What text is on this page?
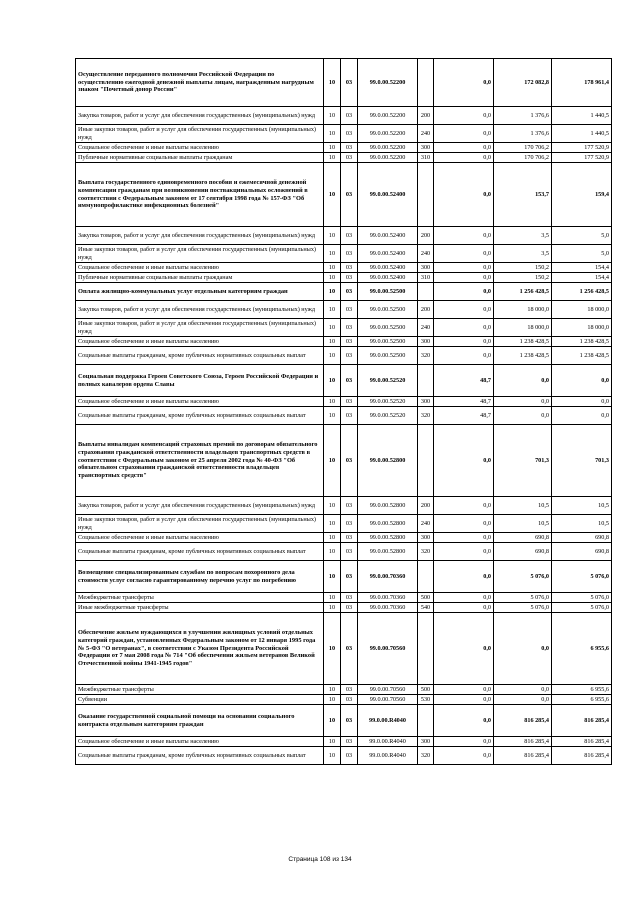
Осуществление переданного полномочия Российской Федерации по осуществлению ежегодной денежной выплаты лицам, награжденным нагрудным знаком "Почетный донор России"	10	03	99.0.00.52200		0,0	172 082,8	178 961,4
Закупка товаров, работ и услуг для обеспечения государственных (муниципальных) нужд	10	03	99.0.00.52200	200	0,0	1 376,6	1 440,5
Иные закупки товаров, работ и услуг для обеспечения государственных (муниципальных) нужд	10	03	99.0.00.52200	240	0,0	1 376,6	1 440,5
Социальное обеспечение и иные выплаты населению	10	03	99.0.00.52200	300	0,0	170 706,2	177 520,9
Публичные нормативные социальные выплаты гражданам	10	03	99.0.00.52200	310	0,0	170 706,2	177 520,9
Выплата государственного единовременного пособия и ежемесячной денежной компенсации гражданам при возникновении поствакцинальных осложнений в соответствии с Федеральным законом от 17 сентября 1998 года № 157-ФЗ "Об иммунопрофилактике инфекционных болезней"	10	03	99.0.00.52400		0,0	153,7	159,4
Закупка товаров, работ и услуг для обеспечения государственных (муниципальных) нужд	10	03	99.0.00.52400	200	0,0	3,5	5,0
Иные закупки товаров, работ и услуг для обеспечения государственных (муниципальных) нужд	10	03	99.0.00.52400	240	0,0	3,5	5,0
Социальное обеспечение и иные выплаты населению	10	03	99.0.00.52400	300	0,0	150,2	154,4
Публичные нормативные социальные выплаты гражданам	10	03	99.0.00.52400	310	0,0	150,2	154,4
Оплата жилищно-коммунальных услуг отдельным категориям граждан	10	03	99.0.00.52500		0,0	1 256 428,5	1 256 428,5
Закупка товаров, работ и услуг для обеспечения государственных (муниципальных) нужд	10	03	99.0.00.52500	200	0,0	18 000,0	18 000,0
Иные закупки товаров, работ и услуг для обеспечения государственных (муниципальных) нужд	10	03	99.0.00.52500	240	0,0	18 000,0	18 000,0
Социальное обеспечение и иные выплаты населению	10	03	99.0.00.52500	300	0,0	1 238 428,5	1 238 428,5
Социальные выплаты гражданам, кроме публичных нормативных социальных выплат	10	03	99.0.00.52500	320	0,0	1 238 428,5	1 238 428,5
Социальная поддержка Героев Советского Союза, Героев Российской Федерации и полных кавалеров ордена Славы	10	03	99.0.00.52520		48,7	0,0	0,0
Социальное обеспечение и иные выплаты населению	10	03	99.0.00.52520	300	48,7	0,0	0,0
Социальные выплаты гражданам, кроме публичных нормативных социальных выплат	10	03	99.0.00.52520	320	48,7	0,0	0,0
Выплаты инвалидам компенсаций страховых премий по договорам обязательного страхования гражданской ответственности владельцев транспортных средств в соответствии с Федеральным законом от 25 апреля 2002 года № 40-ФЗ "Об обязательном страховании гражданской ответственности владельцев транспортных средств"	10	03	99.0.00.52800		0,0	701,3	701,3
Закупка товаров, работ и услуг для обеспечения государственных (муниципальных) нужд	10	03	99.0.00.52800	200	0,0	10,5	10,5
Иные закупки товаров, работ и услуг для обеспечения государственных (муниципальных) нужд	10	03	99.0.00.52800	240	0,0	10,5	10,5
Социальное обеспечение и иные выплаты населению	10	03	99.0.00.52800	300	0,0	690,8	690,8
Социальные выплаты гражданам, кроме публичных нормативных социальных выплат	10	03	99.0.00.52800	320	0,0	690,8	690,8
Возмещение специализированным службам по вопросам похоронного дела стоимости услуг согласно гарантированному перечню услуг по погребению	10	03	99.0.00.70360		0,0	5 076,0	5 076,0
Межбюджетные трансферты	10	03	99.0.00.70360	500	0,0	5 076,0	5 076,0
Иные межбюджетные трансферты	10	03	99.0.00.70360	540	0,0	5 076,0	5 076,0
Обеспечение жильем нуждающихся в улучшении жилищных условий отдельных категорий граждан, установленных Федеральным законом от 12 января 1995 года № 5-ФЗ "О ветеранах", в соответствии с Указом Президента Российской Федерации от 7 мая 2008 года № 714 "Об обеспечении жильем ветеранов Великой Отечественной войны 1941-1945 годов"	10	03	99.0.00.70560		0,0	0,0	6 955,6
Межбюджетные трансферты	10	03	99.0.00.70560	500	0,0	0,0	6 955,6
Субвенции	10	03	99.0.00.70560	530	0,0	0,0	6 955,6
Оказание государственной социальной помощи на основании социального контракта отдельным категориям граждан	10	03	99.0.00.R4040		0,0	816 285,4	816 285,4
Социальное обеспечение и иные выплаты населению	10	03	99.0.00.R4040	300	0,0	816 285,4	816 285,4
Социальные выплаты гражданам, кроме публичных нормативных социальных выплат	10	03	99.0.00.R4040	320	0,0	816 285,4	816 285,4
Страница 108 из 134
